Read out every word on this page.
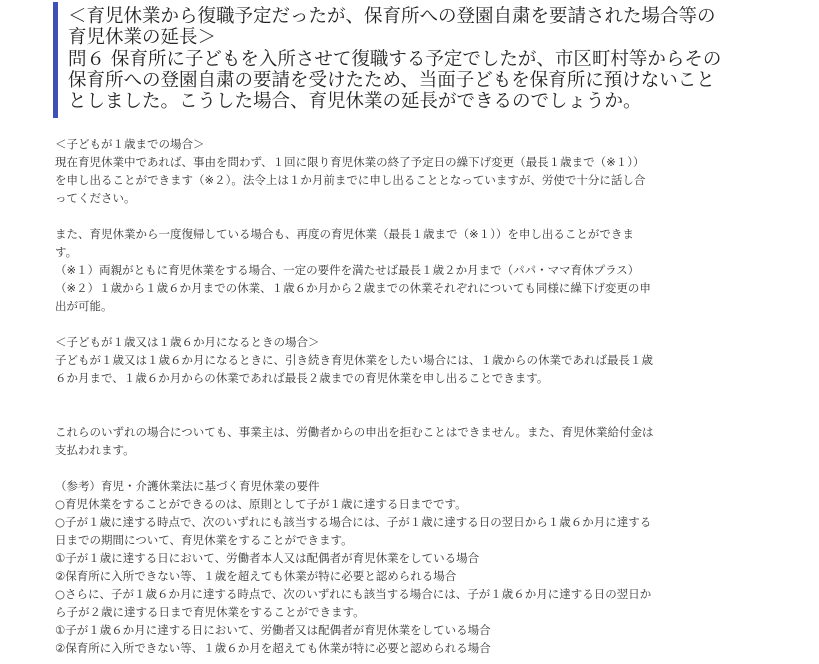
＜育児休業から復職予定だったが、保育所への登園自粛を要請された場合等の
育児休業の延長＞

問６ 保育所に子どもを入所させて復職する予定でしたが、市区町村等からその
保育所への登園自粛の要請を受けたため、当面子どもを保育所に預けないこと
としました。こうした場合、育児休業の延長ができるのでしょうか。

＜子どもが１歳までの場合＞

現在育児休業中であれば、事由を問わず、１回に限り育児休業の終了予定日の繰下げ変更（最長１歳まで（※１））
を申し出ることができます（※２）。法令上は１か月前までに申し出ることとなっていますが、労使で十分に話し合
ってください。

また、育児休業から一度復帰している場合も、再度の育児休業（最長１歳まで（※１））を申し出ることができま
す。

（※１）両親がともに育児休業をする場合、一定の要件を満たせば最長１歳２か月まで（パパ・ママ育休プラス）

（※２）１歳から１歳６か月までの休業、１歳６か月から２歳までの休業それぞれについても同様に繰下げ変更の申
出が可能。

＜子どもが１歳又は１歳６か月になるときの場合＞

子どもが１歳又は１歳６か月になるときに、引き続き育児休業をしたい場合には、１歳からの休業であれば最長１歳
６か月まで、１歳６か月からの休業であれば最長２歳までの育児休業を申し出ることできます。

これらのいずれの場合についても、事業主は、労働者からの申出を拒むことはできません。また、育児休業給付金は
支払われます。

（参考）育児・介護休業法に基づく育児休業の要件

○育児休業をすることができるのは、原則として子が１歳に達する日までです。

○子が１歳に達する時点で、次のいずれにも該当する場合には、子が１歳に達する日の翌日から１歳６か月に達する
日までの期間について、育児休業をすることができます。

①子が１歳に達する日において、労働者本人又は配偶者が育児休業をしている場合

②保育所に入所できない等、１歳を超えても休業が特に必要と認められる場合

○さらに、子が１歳６か月に達する時点で、次のいずれにも該当する場合には、子が１歳６か月に達する日の翌日か
ら子が２歳に達する日まで育児休業をすることができます。

①子が１歳６か月に達する日において、労働者又は配偶者が育児休業をしている場合

②保育所に入所できない等、１歳６か月を超えても休業が特に必要と認められる場合
